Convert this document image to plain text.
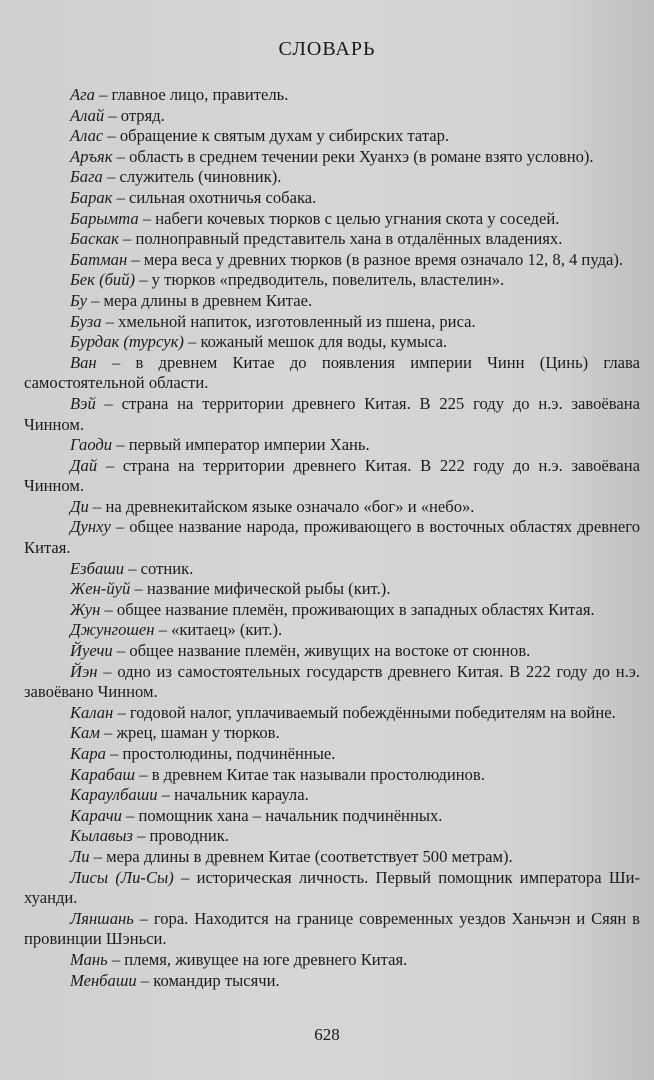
СЛОВАРЬ

Ага – главное лицо, правитель.

Алай – отряд.

Алас – обращение к святым духам у сибирских татар.

Аръяк – область в среднем течении реки Хуанхэ (в романе взято условно).

Бага – служитель (чиновник).

Барак – сильная охотничья собака.

Барымта – набеги кочевых тюрков с целью угнания скота у соседей.

Баскак – полноправный представитель хана в отдалённых владениях.

Батман – мера веса у древних тюрков (в разное время означало 12, 8, 4 пуда).

Бек (бий) – у тюрков «предводитель, повелитель, властелин».

Бу – мера длины в древнем Китае.

Буза – хмельной напиток, изготовленный из пшена, риса.

Бурдак (турсук) – кожаный мешок для воды, кумыса.

Ван – в древнем Китае до появления империи Чинн (Цинь) глава самостоятельной области.

Вэй – страна на территории древнего Китая. В 225 году до н.э. завоёвана Чинном.

Гаоди – первый император империи Хань.

Дай – страна на территории древнего Китая. В 222 году до н.э. завоёвана Чинном.

Ди – на древнекитайском языке означало «бог» и «небо».

Дунху – общее название народа, проживающего в восточных областях древнего Китая.

Езбаши – сотник.

Жен-йуй – название мифической рыбы (кит.).

Жун – общее название племён, проживающих в западных областях Китая.

Джунгошен – «китаец» (кит.).

Йуечи – общее название племён, живущих на востоке от сюннов.

Йэн – одно из самостоятельных государств древнего Китая. В 222 году до н.э. завоёвано Чинном.

Калан – годовой налог, уплачиваемый побеждёнными победителям на войне.

Кам – жрец, шаман у тюрков.

Кара – простолюдины, подчинённые.

Карабаш – в древнем Китае так называли простолюдинов.

Караулбаши – начальник караула.

Карачи – помощник хана – начальник подчинённых.

Кылавыз – проводник.

Ли – мера длины в древнем Китае (соответствует 500 метрам).

Лисы (Ли-Сы) – историческая личность. Первый помощник императора Ши-хуанди.

Ляншань – гора. Находится на границе современных уездов Ханьчэн и Сяян в провинции Шэньси.

Мань – племя, живущее на юге древнего Китая.

Менбаши – командир тысячи.

628
